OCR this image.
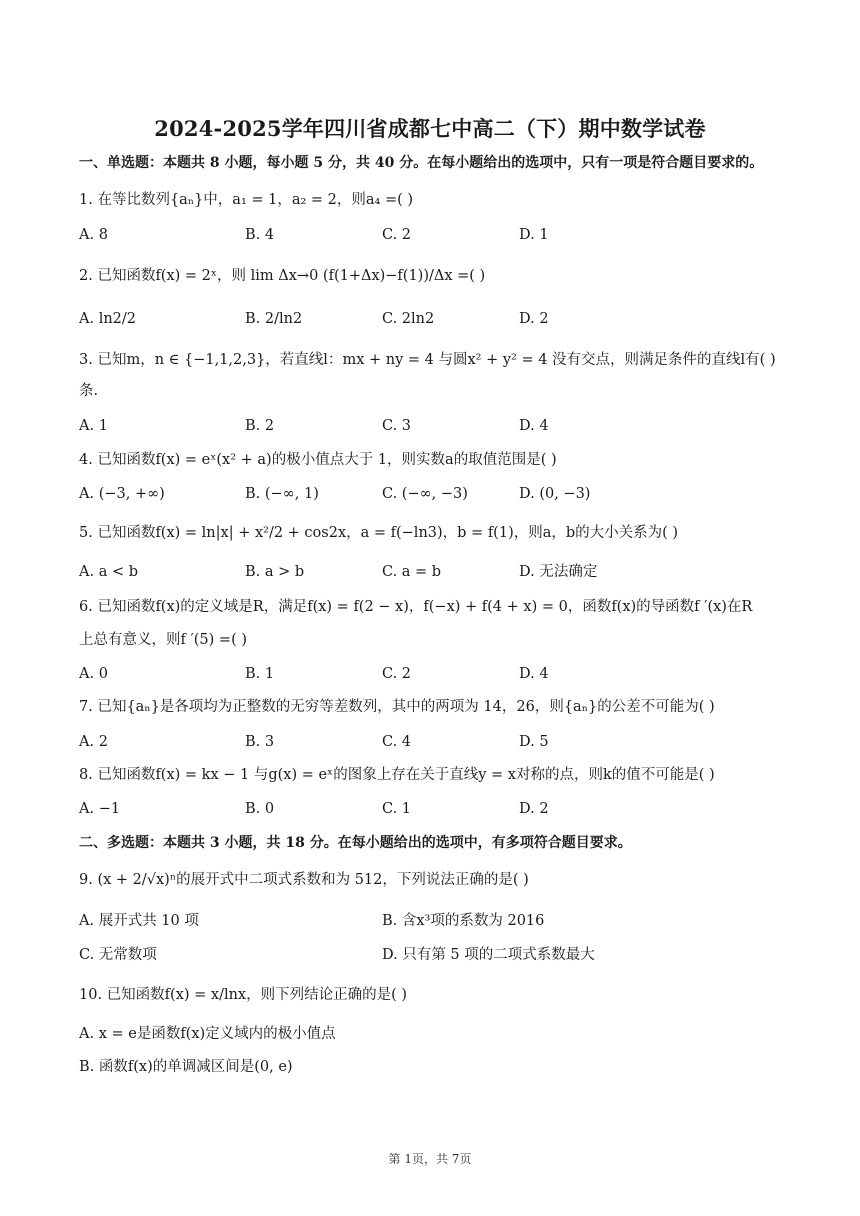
2024-2025学年四川省成都七中高二（下）期中数学试卷
一、单选题：本题共 8 小题，每小题 5 分，共 40 分。在每小题给出的选项中，只有一项是符合题目要求的。
1. 在等比数列{aₙ}中，a₁ = 1，a₂ = 2，则a₄ =( )
A. 8	B. 4	C. 2	D. 1
2. 已知函数f(x) = 2ˣ，则 lim Δx→0 (f(1+Δx)−f(1))/Δx =( )
A. ln2/2	B. 2/ln2	C. 2ln2	D. 2
3. 已知m，n ∈ {−1,1,2,3}，若直线l：mx + ny = 4 与圆x² + y² = 4 没有交点，则满足条件的直线l有( )
条.
A. 1	B. 2	C. 3	D. 4
4. 已知函数f(x) = eˣ(x² + a)的极小值点大于 1，则实数a的取值范围是( )
A. (−3, +∞)	B. (−∞, 1)	C. (−∞, −3)	D. (0, −3)
5. 已知函数f(x) = ln|x| + x²/2 + cos2x，a = f(−ln3)，b = f(1)，则a，b的大小关系为( )
A. a < b	B. a > b	C. a = b	D. 无法确定
6. 已知函数f(x)的定义域是R，满足f(x) = f(2 − x)，f(−x) + f(4 + x) = 0，函数f(x)的导函数f ′(x)在R
上总有意义，则f ′(5) =( )
A. 0	B. 1	C. 2	D. 4
7. 已知{aₙ}是各项均为正整数的无穷等差数列，其中的两项为 14，26，则{aₙ}的公差不可能为( )
A. 2	B. 3	C. 4	D. 5
8. 已知函数f(x) = kx − 1 与g(x) = eˣ的图象上存在关于直线y = x对称的点，则k的值不可能是( )
A. −1	B. 0	C. 1	D. 2
二、多选题：本题共 3 小题，共 18 分。在每小题给出的选项中，有多项符合题目要求。
9. (x + 2/√x)ⁿ的展开式中二项式系数和为 512，下列说法正确的是( )
A. 展开式共 10 项	B. 含x³项的系数为 2016
C. 无常数项	D. 只有第 5 项的二项式系数最大
10. 已知函数f(x) = x/lnx，则下列结论正确的是( )
A. x = e是函数f(x)定义域内的极小值点
B. 函数f(x)的单调减区间是(0, e)
第 1页，共 7页
